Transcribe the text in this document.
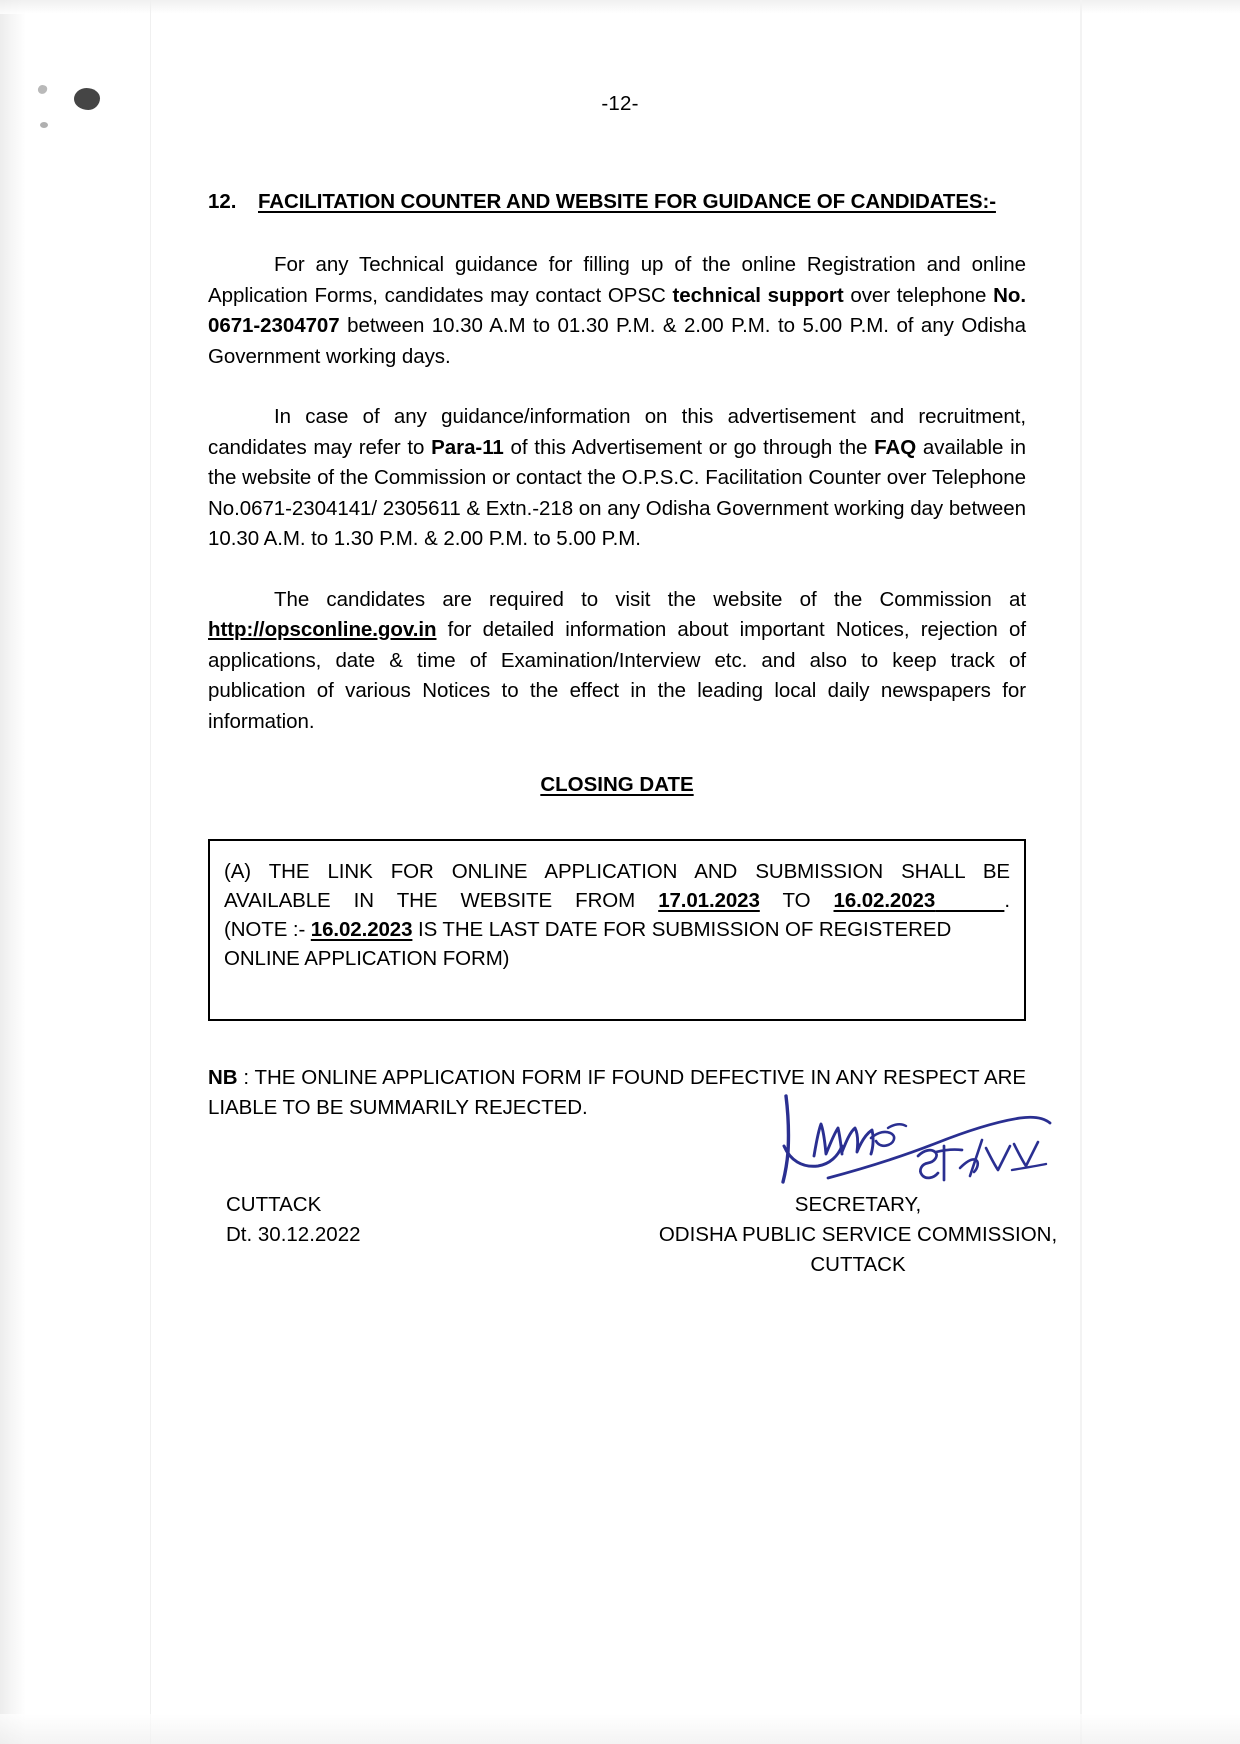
-12-
12.	FACILITATION COUNTER AND WEBSITE FOR GUIDANCE OF CANDIDATES:-

For any Technical guidance for filling up of the online Registration and online Application Forms, candidates may contact OPSC technical support over telephone No. 0671-2304707 between 10.30 A.M to 01.30 P.M. & 2.00 P.M. to 5.00 P.M. of any Odisha Government working days.

In case of any guidance/information on this advertisement and recruitment, candidates may refer to Para-11 of this Advertisement or go through the FAQ available in the website of the Commission or contact the O.P.S.C. Facilitation Counter over Telephone No.0671-2304141/ 2305611 & Extn.-218 on any Odisha Government working day between 10.30 A.M. to 1.30 P.M. & 2.00 P.M. to 5.00 P.M.

The candidates are required to visit the website of the Commission at http://opsconline.gov.in for detailed information about important Notices, rejection of applications, date & time of Examination/Interview etc. and also to keep track of publication of various Notices to the effect in the leading local daily newspapers for information.

CLOSING DATE

(A) THE LINK FOR ONLINE APPLICATION AND SUBMISSION SHALL BE

AVAILABLE IN THE WEBSITE FROM 17.01.2023 TO 16.02.2023	.

(NOTE :- 16.02.2023 IS THE LAST DATE FOR SUBMISSION OF REGISTERED

ONLINE APPLICATION FORM)

NB : THE ONLINE APPLICATION FORM IF FOUND DEFECTIVE IN ANY RESPECT ARE LIABLE TO BE SUMMARILY REJECTED.

CUTTACK
Dt. 30.12.2022
SECRETARY,
ODISHA PUBLIC SERVICE COMMISSION,
CUTTACK
